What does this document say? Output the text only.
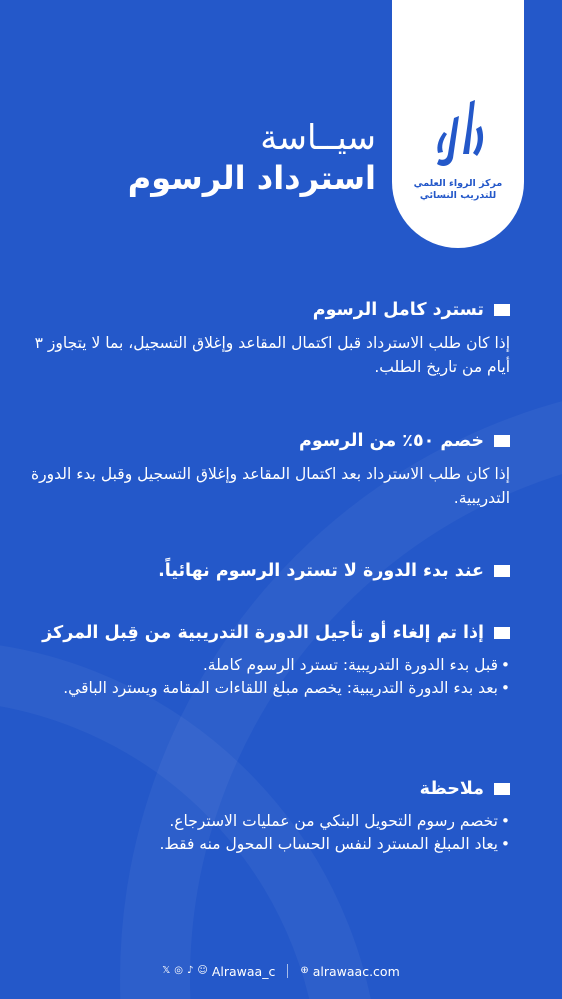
مركز الرواء العلمي
للتدريب النسائي
سيــاسة
استرداد الرسوم
تسترد كامل الرسوم
إذا كان طلب الاسترداد قبل اكتمال المقاعد وإغلاق التسجيل، بما لا يتجاوز ٣ أيام من تاريخ الطلب.
خصم ٥٠٪ من الرسوم
إذا كان طلب الاسترداد بعد اكتمال المقاعد وإغلاق التسجيل وقبل بدء الدورة التدريبية.
عند بدء الدورة لا تسترد الرسوم نهائياً.
إذا تم إلغاء أو تأجيل الدورة التدريبية من قِبل المركز
• قبل بدء الدورة التدريبية: تسترد الرسوم كاملة.
• بعد بدء الدورة التدريبية: يخصم مبلغ اللقاءات المقامة ويسترد الباقي.
ملاحظة
• تخصم رسوم التحويل البنكي من عمليات الاسترجاع.
• يعاد المبلغ المسترد لنفس الحساب المحول منه فقط.
𝕏 ◎ ♪ ☺ Alrawaa_c	⊕ alrawaac.com
